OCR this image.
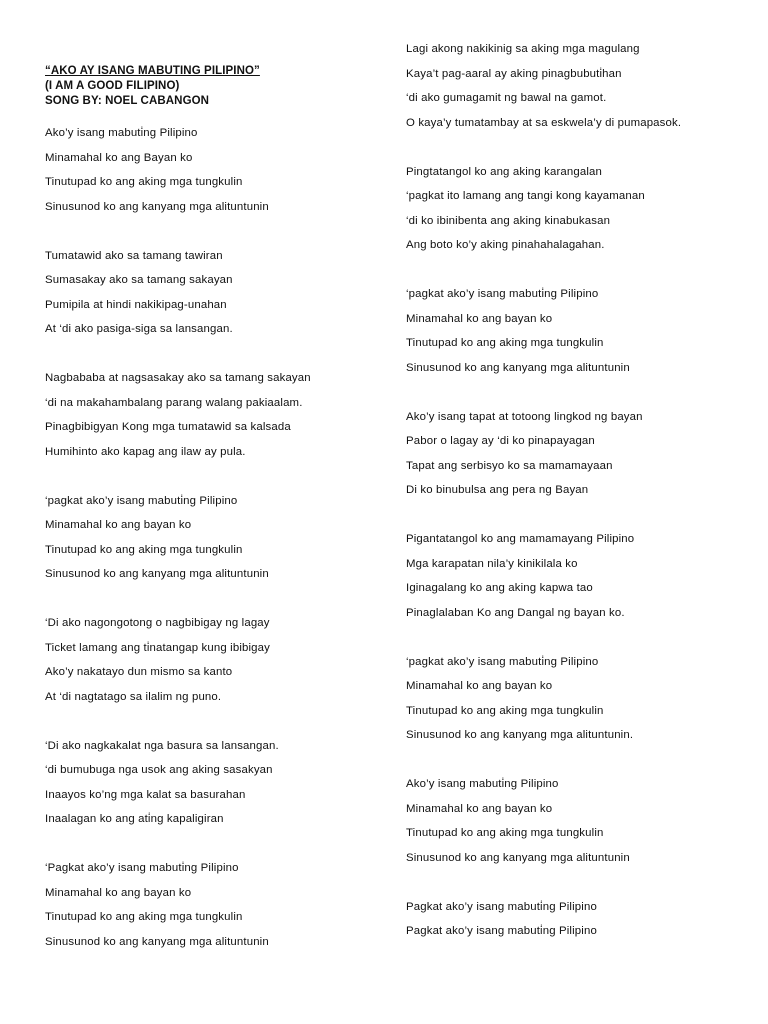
“AKO AY ISANG MABUTING PILIPINO”
(I AM A GOOD FILIPINO)
SONG BY: NOEL CABANGON
Ako’y isang mabuti̇ng Pilipino
Minamahal ko ang Bayan ko
Tinutupad ko ang aking mga tungkulin
Sinusunod ko ang kanyang mga alituntunin
Tumatawid ako sa tamang tawiran
Sumasakay ako sa tamang sakayan
Pumipila at hindi nakikipag-unahan
At ‘di ako pasiga-siga sa lansangan.
Nagbababa at nagsasakay ako sa tamang sakayan
‘di na makahambalang parang walang pakiaalam.
Pinagbibigyan Kong mga tumatawid sa kalsada
Humihinto ako kapag ang ilaw ay pula.
‘pagkat ako’y isang mabuti̇ng Pilipino
Minamahal ko ang bayan ko
Tinutupad ko ang aking mga tungkulin
Sinusunod ko ang kanyang mga alituntunin
‘Di ako nagongotong o nagbibigay ng lagay
Ticket lamang ang ti̇natangap kung ibibigay
Ako’y nakatayo dun mismo sa kanto
At ‘di nagtatago sa ilalim ng puno.
‘Di ako nagkakalat nga basura sa lansangan.
‘di bumubuga nga usok ang aking sasakyan
Inaayos ko’ng mga kalat sa basurahan
Inaalagan ko ang ati̇ng kapaligiran
‘Pagkat ako’y isang mabuti̇ng Pilipino
Minamahal ko ang bayan ko
Tinutupad ko ang aking mga tungkulin
Sinusunod ko ang kanyang mga alituntunin
Lagi akong nakikinig sa aking mga magulang
Kaya’t pag-aaral ay aking pinagbubuti̇han
‘di ako gumagamit ng bawal na gamot.
O kaya’y tumatambay at sa eskwela’y di pumapasok.
Pingtatangol ko ang aking karangalan
‘pagkat ito lamang ang tangi kong kayamanan
‘di ko ibinibenta ang aking kinabukasan
Ang boto ko’y aking pinahahalagahan.
‘pagkat ako’y isang mabuti̇ng Pilipino
Minamahal ko ang bayan ko
Tinutupad ko ang aking mga tungkulin
Sinusunod ko ang kanyang mga alituntunin
Ako’y isang tapat at totoong lingkod ng bayan
Pabor o lagay ay ‘di ko pinapayagan
Tapat ang serbisyo ko sa mamamayaan
Di ko binubulsa ang pera ng Bayan
Pigantatangol ko ang mamamayang Pilipino
Mga karapatan nila’y kinikilala ko
Iginagalang ko ang aking kapwa tao
Pinaglalaban Ko ang Dangal ng bayan ko.
‘pagkat ako’y isang mabuti̇ng Pilipino
Minamahal ko ang bayan ko
Tinutupad ko ang aking mga tungkulin
Sinusunod ko ang kanyang mga alituntunin.
Ako’y isang mabuti̇ng Pilipino
Minamahal ko ang bayan ko
Tinutupad ko ang aking mga tungkulin
Sinusunod ko ang kanyang mga alituntunin
Pagkat ako’y isang mabuti̇ng Pilipino
Pagkat ako’y isang mabuti̇ng Pilipino
